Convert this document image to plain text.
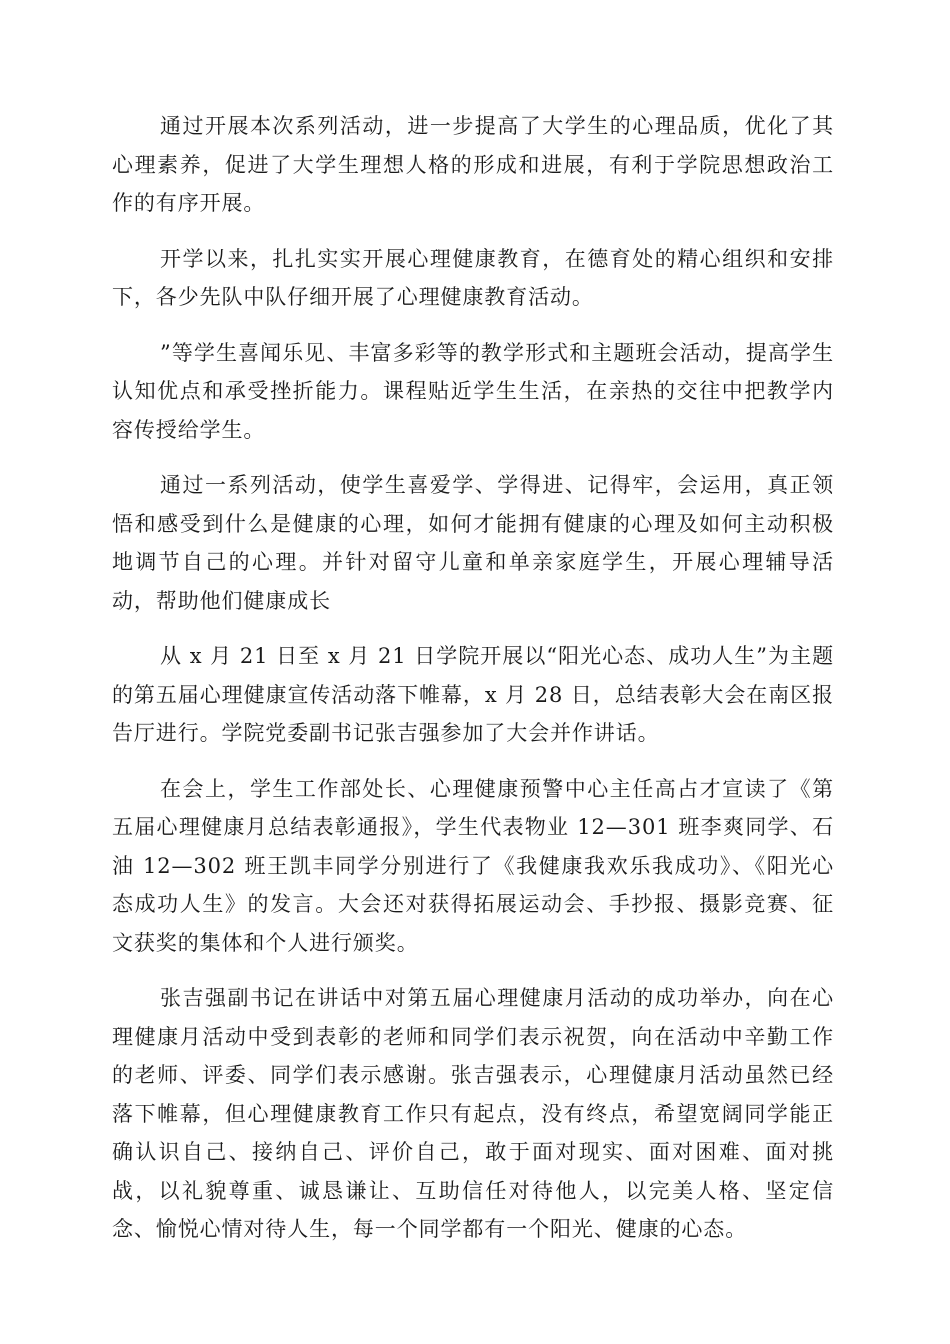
通过开展本次系列活动，进一步提高了大学生的心理品质，优化了其心理素养，促进了大学生理想人格的形成和进展，有利于学院思想政治工作的有序开展。

开学以来，扎扎实实开展心理健康教育，在德育处的精心组织和安排下，各少先队中队仔细开展了心理健康教育活动。

”等学生喜闻乐见、丰富多彩等的教学形式和主题班会活动，提高学生认知优点和承受挫折能力。课程贴近学生生活，在亲热的交往中把教学内容传授给学生。

通过一系列活动，使学生喜爱学、学得进、记得牢，会运用，真正领悟和感受到什么是健康的心理，如何才能拥有健康的心理及如何主动积极地调节自己的心理。并针对留守儿童和单亲家庭学生，开展心理辅导活动，帮助他们健康成长

从 x 月 21 日至 x 月 21 日学院开展以“阳光心态、成功人生”为主题的第五届心理健康宣传活动落下帷幕，x 月 28 日，总结表彰大会在南区报告厅进行。学院党委副书记张吉强参加了大会并作讲话。

在会上，学生工作部处长、心理健康预警中心主任高占才宣读了《第五届心理健康月总结表彰通报》，学生代表物业 12—301 班李爽同学、石油 12—302 班王凯丰同学分别进行了《我健康我欢乐我成功》、《阳光心态成功人生》的发言。大会还对获得拓展运动会、手抄报、摄影竞赛、征文获奖的集体和个人进行颁奖。

张吉强副书记在讲话中对第五届心理健康月活动的成功举办，向在心理健康月活动中受到表彰的老师和同学们表示祝贺，向在活动中辛勤工作的老师、评委、同学们表示感谢。张吉强表示，心理健康月活动虽然已经落下帷幕，但心理健康教育工作只有起点，没有终点，希望宽阔同学能正确认识自己、接纳自己、评价自己，敢于面对现实、面对困难、面对挑战，以礼貌尊重、诚恳谦让、互助信任对待他人，以完美人格、坚定信念、愉悦心情对待人生，每一个同学都有一个阳光、健康的心态。
